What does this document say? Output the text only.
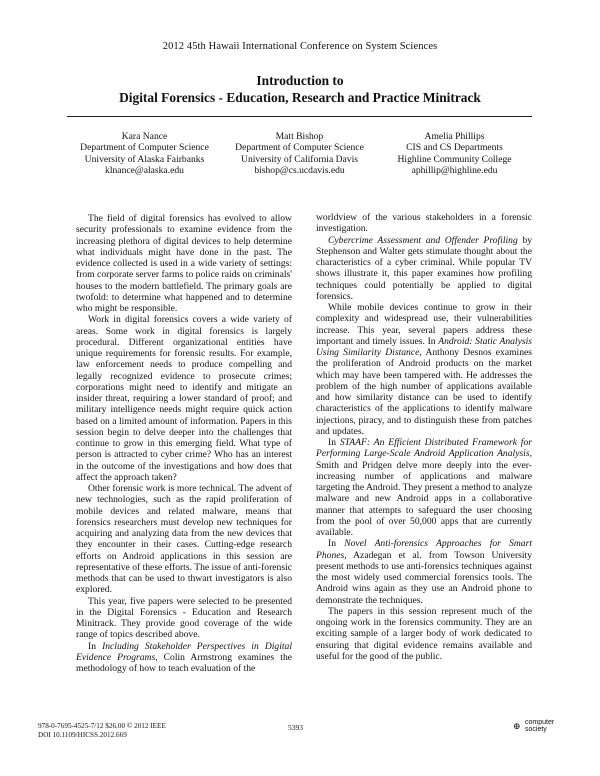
2012 45th Hawaii International Conference on System Sciences
Introduction to
Digital Forensics - Education, Research and Practice Minitrack
Kara Nance
Department of Computer Science
University of Alaska Fairbanks
klnance@alaska.edu
Matt Bishop
Department of Computer Science
University of California Davis
bishop@cs.ucdavis.edu
Amelia Phillips
CIS and CS Departments
Highline Community College
aphillip@highline.edu

The field of digital forensics has evolved to allow security professionals to examine evidence from the increasing plethora of digital devices to help determine what individuals might have done in the past. The evidence collected is used in a wide variety of settings: from corporate server farms to police raids on criminals' houses to the modern battlefield. The primary goals are twofold: to determine what happened and to determine who might be responsible.

Work in digital forensics covers a wide variety of areas. Some work in digital forensics is largely procedural. Different organizational entities have unique requirements for forensic results. For example, law enforcement needs to produce compelling and legally recognized evidence to prosecute crimes; corporations might need to identify and mitigate an insider threat, requiring a lower standard of proof; and military intelligence needs might require quick action based on a limited amount of information. Papers in this session begin to delve deeper into the challenges that continue to grow in this emerging field. What type of person is attracted to cyber crime? Who has an interest in the outcome of the investigations and how does that affect the approach taken?

Other forensic work is more technical. The advent of new technologies, such as the rapid proliferation of mobile devices and related malware, means that forensics researchers must develop new techniques for acquiring and analyzing data from the new devices that they encounter in their cases. Cutting-edge research efforts on Android applications in this session are representative of these efforts. The issue of anti-forensic methods that can be used to thwart investigators is also explored.

This year, five papers were selected to be presented in the Digital Forensics - Education and Research Minitrack. They provide good coverage of the wide range of topics described above.

In Including Stakeholder Perspectives in Digital Evidence Programs, Colin Armstrong examines the methodology of how to teach evaluation of the

worldview of the various stakeholders in a forensic investigation.

Cybercrime Assessment and Offender Profiling by Stephenson and Walter gets stimulate thought about the characteristics of a cyber criminal. While popular TV shows illustrate it, this paper examines how profiling techniques could potentially be applied to digital forensics.

While mobile devices continue to grow in their complexity and widespread use, their vulnerabilities increase. This year, several papers address these important and timely issues. In Android: Static Analysis Using Similarity Distance, Anthony Desnos examines the proliferation of Android products on the market which may have been tampered with. He addresses the problem of the high number of applications available and how similarity distance can be used to identify characteristics of the applications to identify malware injections, piracy, and to distinguish these from patches and updates.

In STAAF: An Efficient Distributed Framework for Performing Large-Scale Android Application Analysis, Smith and Pridgen delve more deeply into the ever-increasing number of applications and malware targeting the Android. They present a method to analyze malware and new Android apps in a collaborative manner that attempts to safeguard the user choosing from the pool of over 50,000 apps that are currently available.

In Novel Anti-forensics Approaches for Smart Phones, Azadegan et al. from Towson University present methods to use anti-forensics techniques against the most widely used commercial forensics tools. The Android wins again as they use an Android phone to demonstrate the techniques.

The papers in this session represent much of the ongoing work in the forensics community. They are an exciting sample of a larger body of work dedicated to ensuring that digital evidence remains available and useful for the good of the public.

978-0-7695-4525-7/12 $26.00 © 2012 IEEE
DOI 10.1109/HICSS.2012.669
5393	⊕ computer
society
